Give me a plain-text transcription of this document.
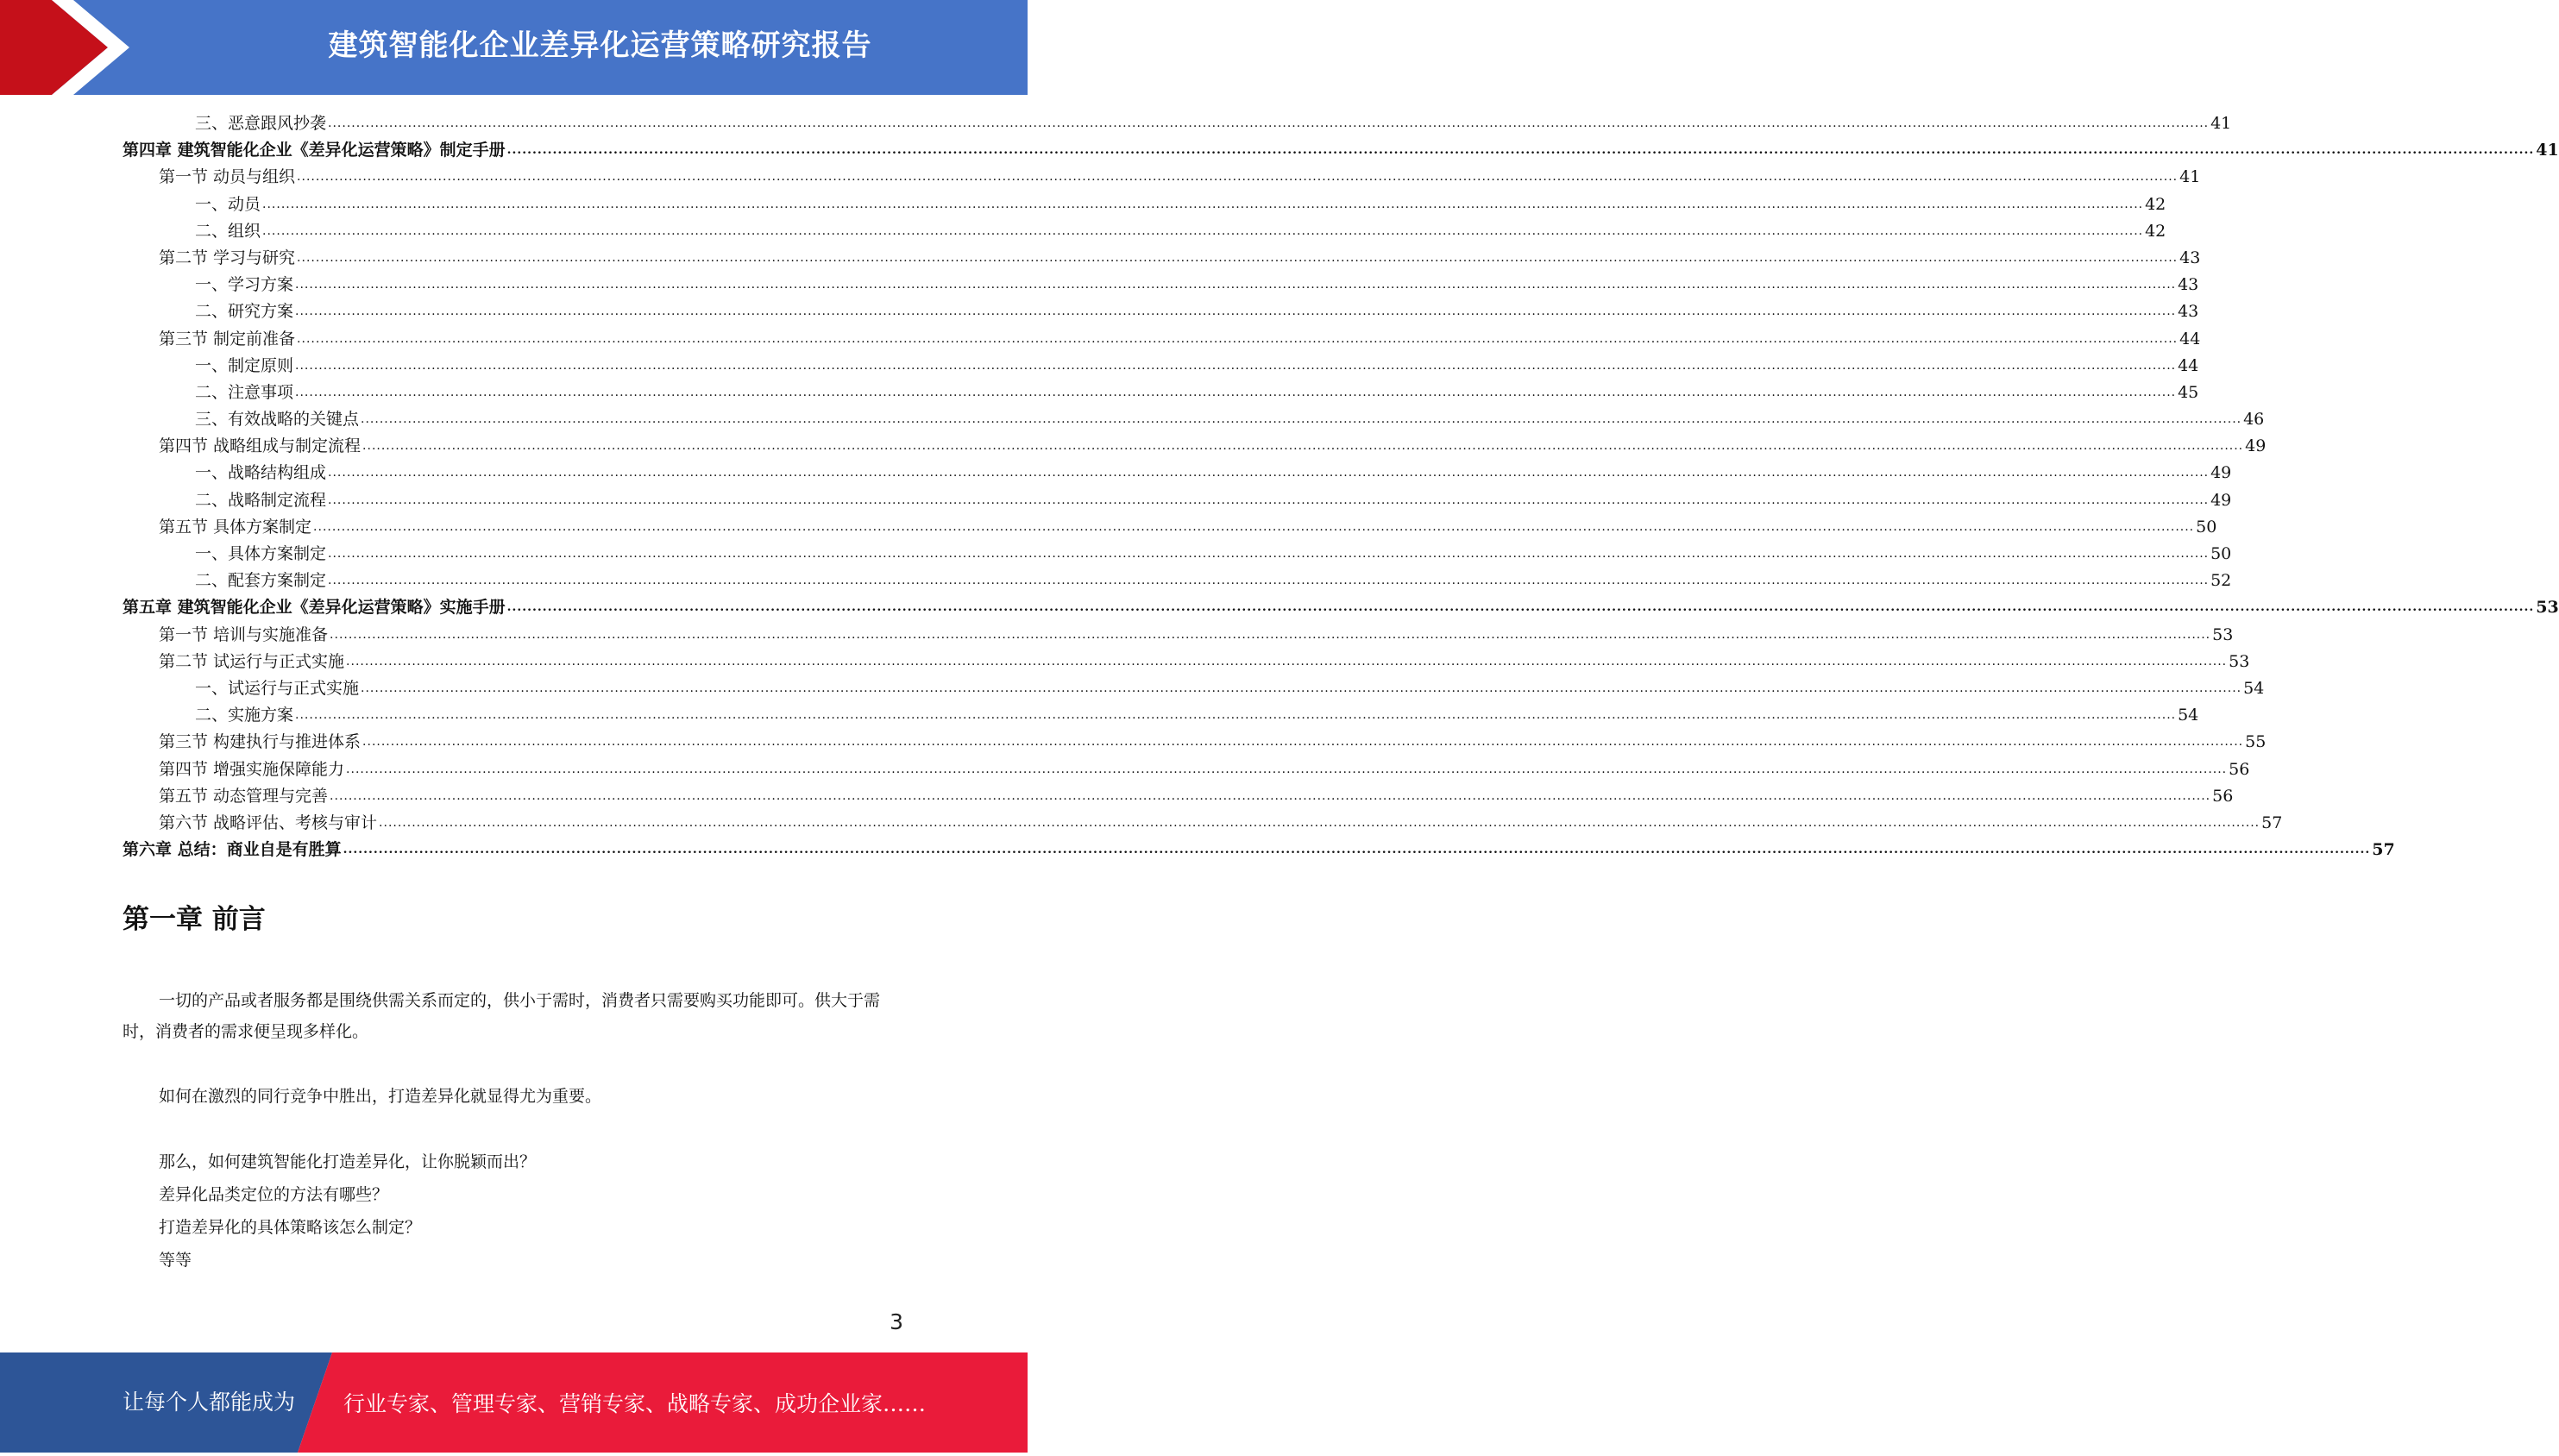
建筑智能化企业差异化运营策略研究报告
三、恶意跟风抄袭 ................................................................................................................................................................................................................................................................................................................................................................................................................ 41
第四章 建筑智能化企业《差异化运营策略》制定手册 ................................................................................................................................................................................................................................................................................................................................................................................................................ 41
第一节 动员与组织 ................................................................................................................................................................................................................................................................................................................................................................................................................ 41
一、动员 ................................................................................................................................................................................................................................................................................................................................................................................................................ 42
二、组织 ................................................................................................................................................................................................................................................................................................................................................................................................................ 42
第二节 学习与研究 ................................................................................................................................................................................................................................................................................................................................................................................................................ 43
一、学习方案 ................................................................................................................................................................................................................................................................................................................................................................................................................ 43
二、研究方案 ................................................................................................................................................................................................................................................................................................................................................................................................................ 43
第三节 制定前准备 ................................................................................................................................................................................................................................................................................................................................................................................................................ 44
一、制定原则 ................................................................................................................................................................................................................................................................................................................................................................................................................ 44
二、注意事项 ................................................................................................................................................................................................................................................................................................................................................................................................................ 45
三、有效战略的关键点 ................................................................................................................................................................................................................................................................................................................................................................................................................ 46
第四节 战略组成与制定流程 ................................................................................................................................................................................................................................................................................................................................................................................................................ 49
一、战略结构组成 ................................................................................................................................................................................................................................................................................................................................................................................................................ 49
二、战略制定流程 ................................................................................................................................................................................................................................................................................................................................................................................................................ 49
第五节 具体方案制定 ................................................................................................................................................................................................................................................................................................................................................................................................................ 50
一、具体方案制定 ................................................................................................................................................................................................................................................................................................................................................................................................................ 50
二、配套方案制定 ................................................................................................................................................................................................................................................................................................................................................................................................................ 52
第五章 建筑智能化企业《差异化运营策略》实施手册 ................................................................................................................................................................................................................................................................................................................................................................................................................ 53
第一节 培训与实施准备 ................................................................................................................................................................................................................................................................................................................................................................................................................ 53
第二节 试运行与正式实施 ................................................................................................................................................................................................................................................................................................................................................................................................................ 53
一、试运行与正式实施 ................................................................................................................................................................................................................................................................................................................................................................................................................ 54
二、实施方案 ................................................................................................................................................................................................................................................................................................................................................................................................................ 54
第三节 构建执行与推进体系 ................................................................................................................................................................................................................................................................................................................................................................................................................ 55
第四节 增强实施保障能力 ................................................................................................................................................................................................................................................................................................................................................................................................................ 56
第五节 动态管理与完善 ................................................................................................................................................................................................................................................................................................................................................................................................................ 56
第六节 战略评估、考核与审计 ................................................................................................................................................................................................................................................................................................................................................................................................................ 57
第六章 总结：商业自是有胜算 ................................................................................................................................................................................................................................................................................................................................................................................................................ 57
第一章 前言

一切的产品或者服务都是围绕供需关系而定的，供小于需时，消费者只需要购买功能即可。供大于需时，消费者的需求便呈现多样化。

如何在激烈的同行竞争中胜出，打造差异化就显得尤为重要。

那么，如何建筑智能化打造差异化，让你脱颖而出？
差异化品类定位的方法有哪些？
打造差异化的具体策略该怎么制定？
等等
3
让每个人都能成为 行业专家、管理专家、营销专家、战略专家、成功企业家……
